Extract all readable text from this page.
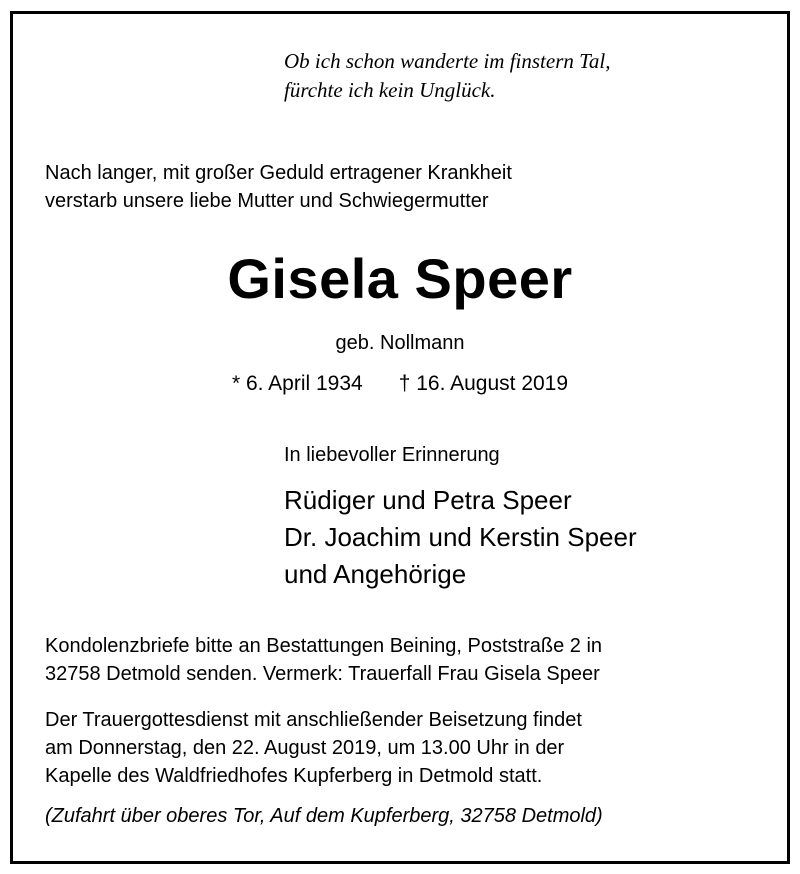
Ob ich schon wanderte im finstern Tal,
fürchte ich kein Unglück.
Nach langer, mit großer Geduld ertragener Krankheit
verstarb unsere liebe Mutter und Schwiegermutter
Gisela Speer
geb. Nollmann
* 6. April 1934 † 16. August 2019
In liebevoller Erinnerung
Rüdiger und Petra Speer
Dr. Joachim und Kerstin Speer
und Angehörige
Kondolenzbriefe bitte an Bestattungen Beining, Poststraße 2 in
32758 Detmold senden. Vermerk: Trauerfall Frau Gisela Speer
Der Trauergottesdienst mit anschließender Beisetzung findet
am Donnerstag, den 22. August 2019, um 13.00 Uhr in der
Kapelle des Waldfriedhofes Kupferberg in Detmold statt.
(Zufahrt über oberes Tor, Auf dem Kupferberg, 32758 Detmold)
